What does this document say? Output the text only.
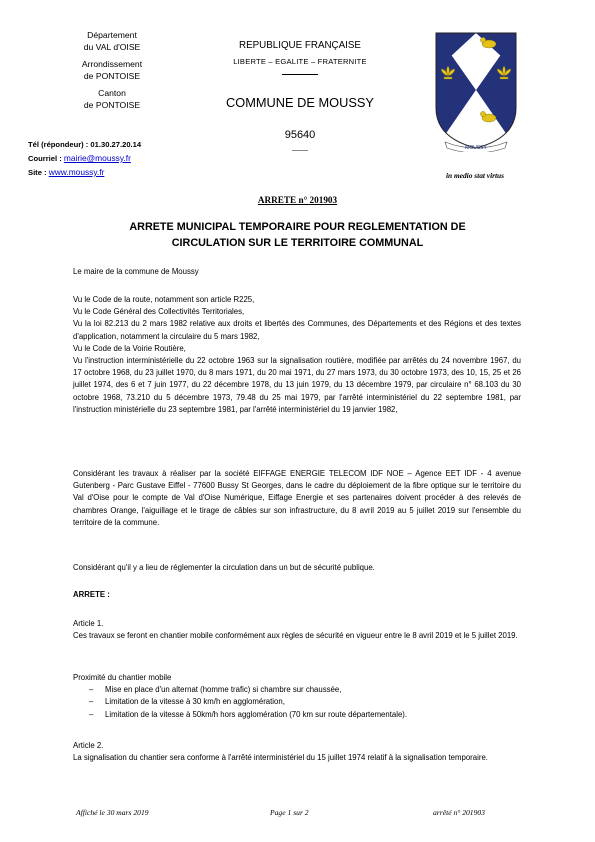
Département
du VAL d'OISE
Arrondissement
de PONTOISE
Canton
de PONTOISE
Tél (répondeur) : 01.30.27.20.14
Courriel : mairie@moussy.fr
Site : www.moussy.fr
REPUBLIQUE FRANÇAISE
LIBERTE – EGALITE – FRATERNITE
COMMUNE DE MOUSSY
95640
MOUSSY
in medio stat virtus
ARRETE n° 201903
ARRETE MUNICIPAL TEMPORAIRE POUR REGLEMENTATION DE
CIRCULATION SUR LE TERRITOIRE COMMUNAL
Le maire de la commune de Moussy

Vu le Code de la route, notamment son article R225,

Vu le Code Général des Collectivités Territoriales,

Vu la loi 82.213 du 2 mars 1982 relative aux droits et libertés des Communes, des Départements et des Régions et des textes d'application, notamment la circulaire du 5 mars 1982,

Vu le Code de la Voirie Routière,

Vu l'instruction interministérielle du 22 octobre 1963 sur la signalisation routière, modifiée par arrêtés du 24 novembre 1967, du 17 octobre 1968, du 23 juillet 1970, du 8 mars 1971, du 20 mai 1971, du 27 mars 1973, du 30 octobre 1973, des 10, 15, 25 et 26 juillet 1974, des 6 et 7 juin 1977, du 22 décembre 1978, du 13 juin 1979, du 13 décembre 1979, par circulaire n° 68.103 du 30 octobre 1968, 73.210 du 5 décembre 1973, 79.48 du 25 mai 1979, par l'arrêté interministériel du 22 septembre 1981, par l'instruction ministérielle du 23 septembre 1981, par l'arrêté interministériel du 19 janvier 1982,

Considérant les travaux à réaliser par la société EIFFAGE ENERGIE TELECOM IDF NOE – Agence EET IDF - 4 avenue Gutenberg - Parc Gustave Eiffel - 77600 Bussy St Georges, dans le cadre du déploiement de la fibre optique sur le territoire du Val d'Oise pour le compte de Val d'Oise Numérique, Eiffage Energie et ses partenaires doivent procéder à des relevés de chambres Orange, l'aiguillage et le tirage de câbles sur son infrastructure, du 8 avril 2019 au 5 juillet 2019 sur l'ensemble du territoire de la commune.
Considérant qu'il y a lieu de réglementer la circulation dans un but de sécurité publique.
ARRETE :

Article 1.

Ces travaux se feront en chantier mobile conformément aux règles de sécurité en vigueur entre le 8 avril 2019 et le 5 juillet 2019.

Proximité du chantier mobile

– Mise en place d'un alternat (homme trafic) si chambre sur chaussée,
– Limitation de la vitesse à 30 km/h en agglomération,
– Limitation de la vitesse à 50km/h hors agglomération (70 km sur route départementale).

Article 2.

La signalisation du chantier sera conforme à l'arrêté interministériel du 15 juillet 1974 relatif à la signalisation temporaire.

Affiché le 30 mars 2019	Page 1 sur 2	arrêté n° 201903
